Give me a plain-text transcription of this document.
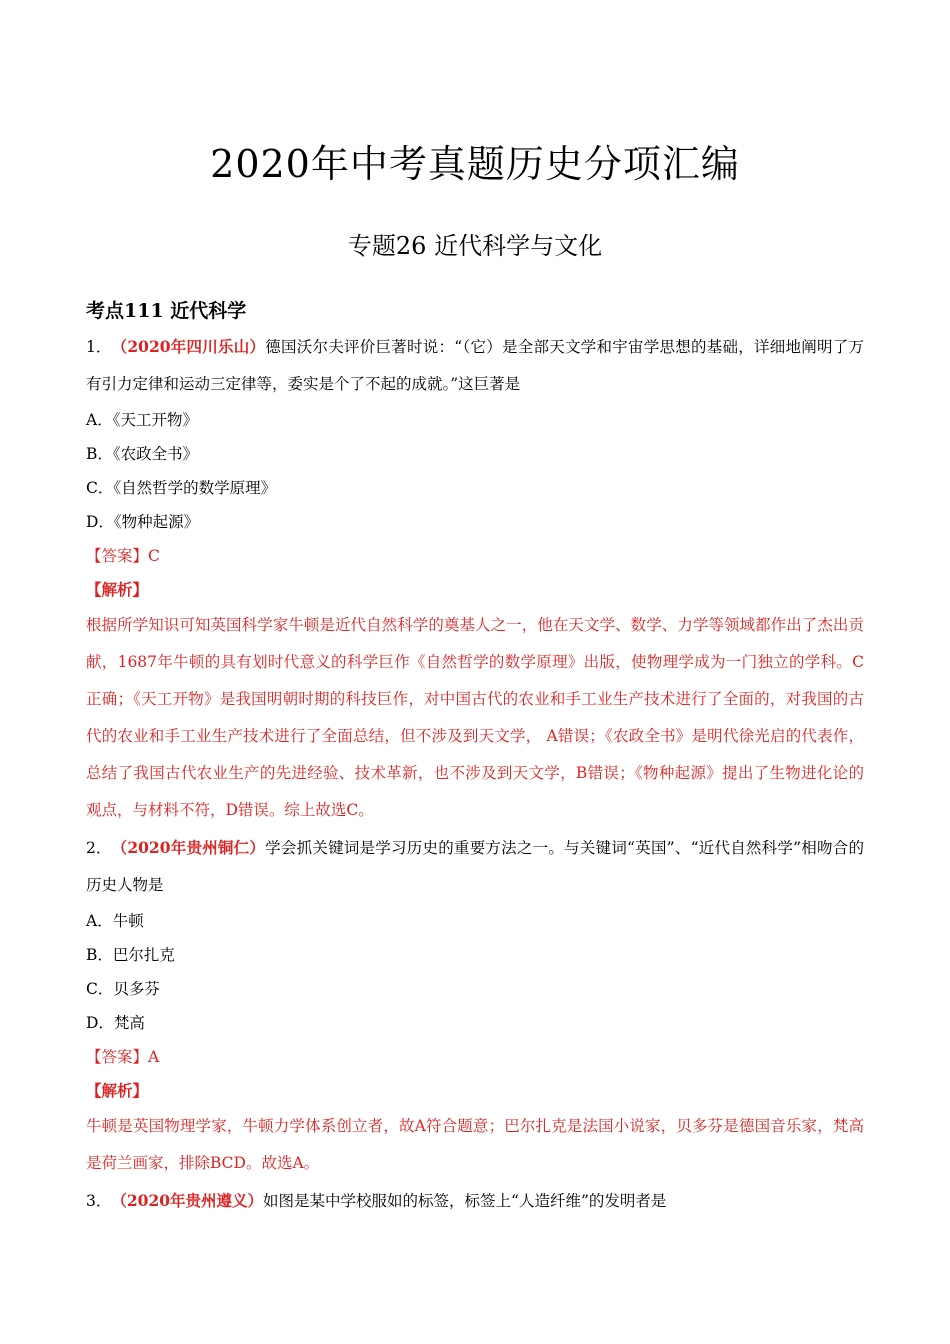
2020年中考真题历史分项汇编
专题26 近代科学与文化
考点111 近代科学
1．（2020年四川乐山）德国沃尔夫评价巨著时说：“（它）是全部天文学和宇宙学思想的基础，详细地阐明了万有引力定律和运动三定律等，委实是个了不起的成就。”这巨著是
A．《天工开物》
B．《农政全书》
C．《自然哲学的数学原理》
D．《物种起源》
【答案】C
【解析】
根据所学知识可知英国科学家牛顿是近代自然科学的奠基人之一，他在天文学、数学、力学等领域都作出了杰出贡献，1687年牛顿的具有划时代意义的科学巨作《自然哲学的数学原理》出版，使物理学成为一门独立的学科。C正确；《天工开物》是我国明朝时期的科技巨作，对中国古代的农业和手工业生产技术进行了全面的，对我国的古代的农业和手工业生产技术进行了全面总结，但不涉及到天文学， A错误；《农政全书》是明代徐光启的代表作，总结了我国古代农业生产的先进经验、技术革新，也不涉及到天文学，B错误；《物种起源》提出了生物进化论的观点，与材料不符，D错误。综上故选C。
2．（2020年贵州铜仁）学会抓关键词是学习历史的重要方法之一。与关键词“英国”、“近代自然科学”相吻合的历史人物是
A．牛顿
B．巴尔扎克
C．贝多芬
D．梵高
【答案】A
【解析】
牛顿是英国物理学家，牛顿力学体系创立者，故A符合题意；巴尔扎克是法国小说家，贝多芬是德国音乐家，梵高是荷兰画家，排除BCD。故选A。
3．（2020年贵州遵义）如图是某中学校服如的标签，标签上“人造纤维”的发明者是
